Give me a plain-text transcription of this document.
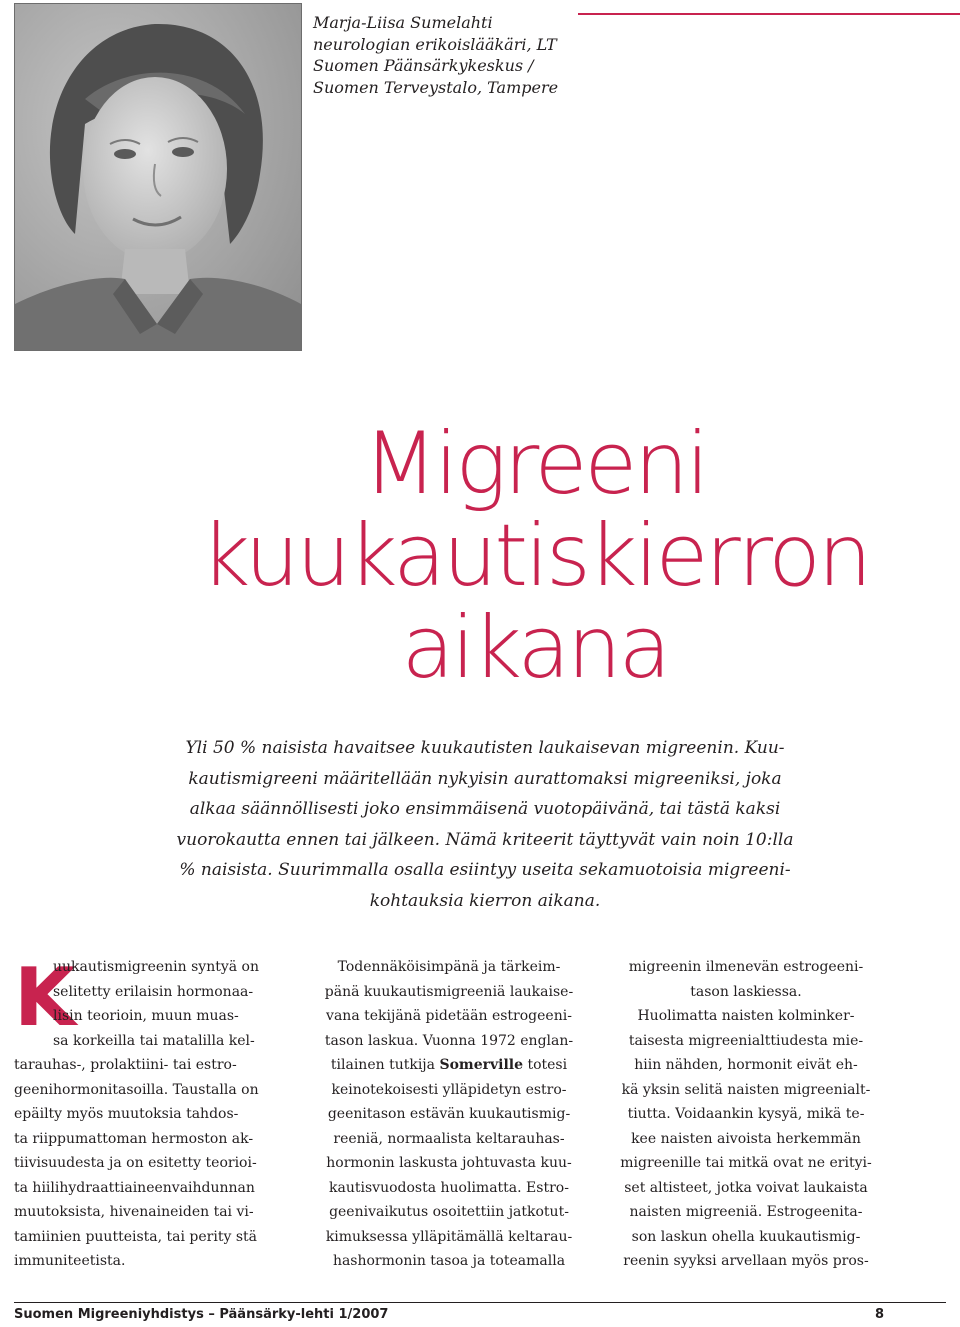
Marja-Liisa Sumelahti
neurologian erikoislääkäri, LT
Suomen Päänsärkykeskus /
Suomen Terveystalo, Tampere
Migreeni
kuukautiskierron
aikana
Yli 50 % naisista havaitsee kuukautisten laukaisevan migreenin. Kuu-
kautismigreeni määritellään nykyisin aurattomaksi migreeniksi, joka
alkaa säännöllisesti joko ensimmäisenä vuotopäivänä, tai tästä kaksi
vuorokautta ennen tai jälkeen. Nämä kriteerit täyttyvät vain noin 10:lla
% naisista. Suurimmalla osalla esiintyy useita sekamuotoisia migreeni-
kohtauksia kierron aikana.
K
uukautismigreenin syntyä on
selitetty erilaisin hormonaa-
lisin teorioin, muun muas-
sa korkeilla tai matalilla kel-
tarauhas-, prolaktiini- tai estro-
geenihormonitasoilla. Taustalla on
epäilty myös muutoksia tahdos-
ta riippumattoman hermoston ak-
tiivisuudesta ja on esitetty teorioi-
ta hiilihydraattiaineenvaihdunnan
muutoksista, hivenaineiden tai vi-
tamiinien puutteista, tai perity stä
immuniteetista.
Todennäköisimpänä ja tärkeim-
pänä kuukautismigreeniä laukaise-
vana tekijänä pidetään estrogeeni-
tason laskua. Vuonna 1972 englan-
tilainen tutkija Somerville totesi
keinotekoisesti ylläpidetyn estro-
geenitason estävän kuukautismig-
reeniä, normaalista keltarauhas-
hormonin laskusta johtuvasta kuu-
kautisvuodosta huolimatta. Estro-
geenivaikutus osoitettiin jatkotut-
kimuksessa ylläpitämällä keltarau-
hashormonin tasoa ja toteamalla
migreenin ilmenevän estrogeeni-
tason laskiessa.
Huolimatta naisten kolminker-
taisesta migreenialttiudesta mie-
hiin nähden, hormonit eivät eh-
kä yksin selitä naisten migreenialt-
tiutta. Voidaankin kysyä, mikä te-
kee naisten aivoista herkemmän
migreenille tai mitkä ovat ne erityi-
set altisteet, jotka voivat laukaista
naisten migreeniä. Estrogeenita-
son laskun ohella kuukautismig-
reenin syyksi arvellaan myös pros-
Suomen Migreeniyhdistys – Päänsärky-lehti 1/2007	8
